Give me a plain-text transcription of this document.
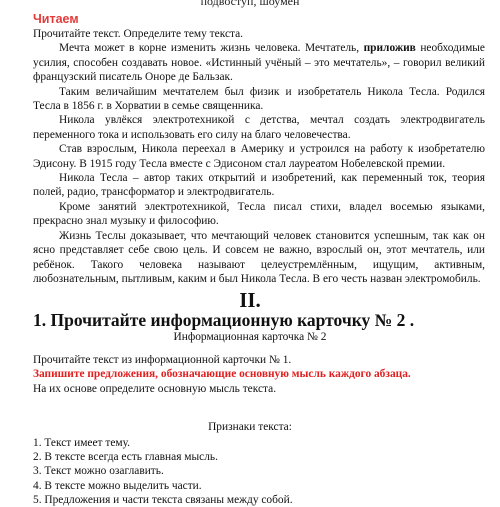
подвоступ, шоумен
Читаем

Прочитайте текст. Определите тему текста.

Мечта может в корне изменить жизнь человека. Мечтатель, приложив необходимые усилия, способен создавать новое. «Истинный учёный – это мечтатель», – говорил великий французский писатель Оноре де Бальзак.

Таким величайшим мечтателем был физик и изобретатель Никола Тесла. Родился Тесла в 1856 г. в Хорватии в семье священника.

Никола увлёкся электротехникой с детства, мечтал создать электродвигатель переменного тока и использовать его силу на благо человечества.

Став взрослым, Никола переехал в Америку и устроился на работу к изобретателю Эдисону. В 1915 году Тесла вместе с Эдисоном стал лауреатом Нобелевской премии.

Никола Тесла – автор таких открытий и изобретений, как переменный ток, теория полей, радио, трансформатор и электродвигатель.

Кроме занятий электротехникой, Тесла писал стихи, владел восемью языками, прекрасно знал музыку и философию.

Жизнь Теслы доказывает, что мечтающий человек становится успешным, так как он ясно представляет себе свою цель. И совсем не важно, взрослый он, этот мечтатель, или ребёнок. Такого человека называют целеустремлённым, ищущим, активным, любознательным, пытливым, каким и был Никола Тесла. В его честь назван электромобиль.

II.
1. Прочитайте информационную карточку № 2 .
Информационная карточка № 2

Прочитайте текст из информационной карточки № 1.

Запишите предложения, обозначающие основную мысль каждого абзаца.

На их основе определите основную мысль текста.

Признаки текста:
1. Текст имеет тему.
2. В тексте всегда есть главная мысль.
3. Текст можно озаглавить.
4. В тексте можно выделить части.
5. Предложения и части текста связаны между собой.
